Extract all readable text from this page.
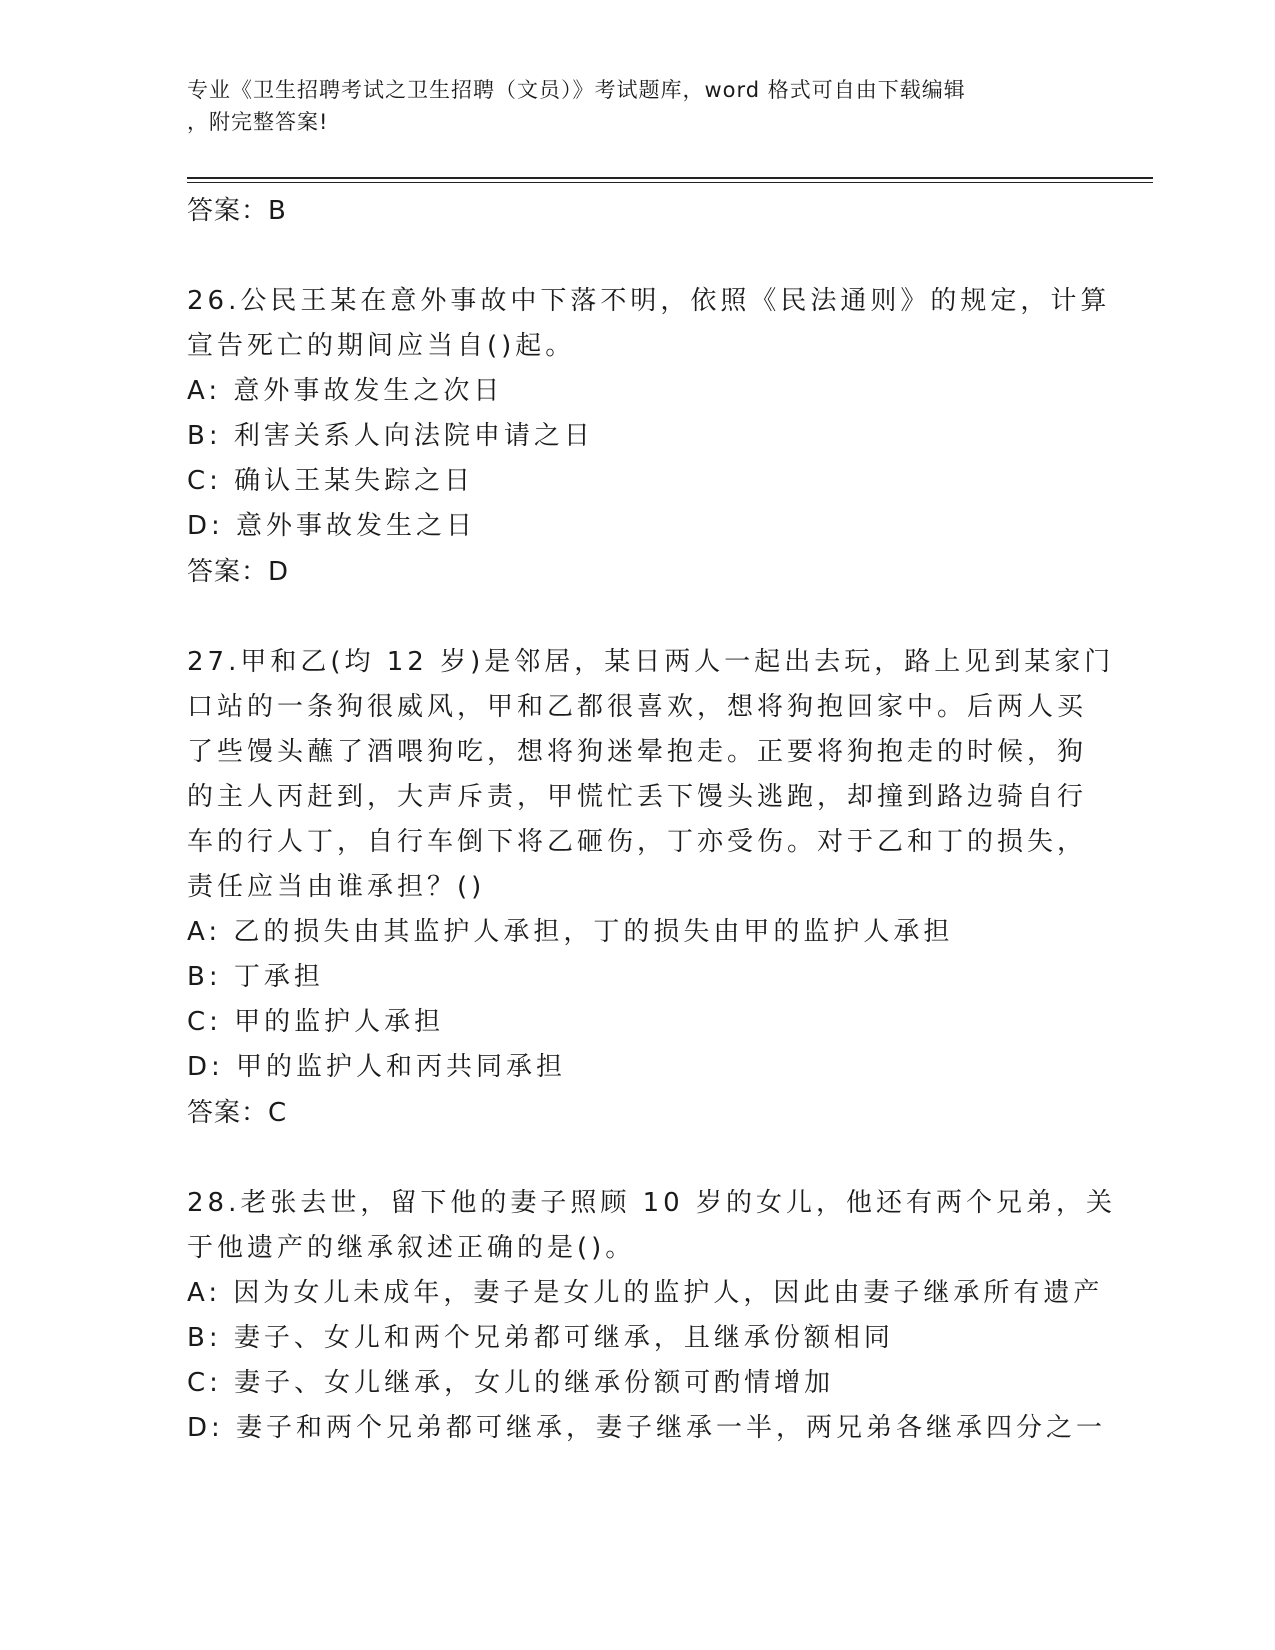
专业《卫生招聘考试之卫生招聘（文员）》考试题库，word 格式可自由下载编辑
，附完整答案!
答案：B
26.公民王某在意外事故中下落不明，依照《民法通则》的规定，计算
宣告死亡的期间应当自()起。
A: 意外事故发生之次日
B: 利害关系人向法院申请之日
C: 确认王某失踪之日
D: 意外事故发生之日
答案：D
27.甲和乙(均 12 岁)是邻居，某日两人一起出去玩，路上见到某家门
口站的一条狗很威风，甲和乙都很喜欢，想将狗抱回家中。后两人买
了些馒头蘸了酒喂狗吃，想将狗迷晕抱走。正要将狗抱走的时候，狗
的主人丙赶到，大声斥责，甲慌忙丢下馒头逃跑，却撞到路边骑自行
车的行人丁，自行车倒下将乙砸伤，丁亦受伤。对于乙和丁的损失，
责任应当由谁承担？()
A: 乙的损失由其监护人承担，丁的损失由甲的监护人承担
B: 丁承担
C: 甲的监护人承担
D: 甲的监护人和丙共同承担
答案：C
28.老张去世，留下他的妻子照顾 10 岁的女儿，他还有两个兄弟，关
于他遗产的继承叙述正确的是()。
A: 因为女儿未成年，妻子是女儿的监护人，因此由妻子继承所有遗产
B: 妻子、女儿和两个兄弟都可继承，且继承份额相同
C: 妻子、女儿继承，女儿的继承份额可酌情增加
D: 妻子和两个兄弟都可继承，妻子继承一半，两兄弟各继承四分之一
